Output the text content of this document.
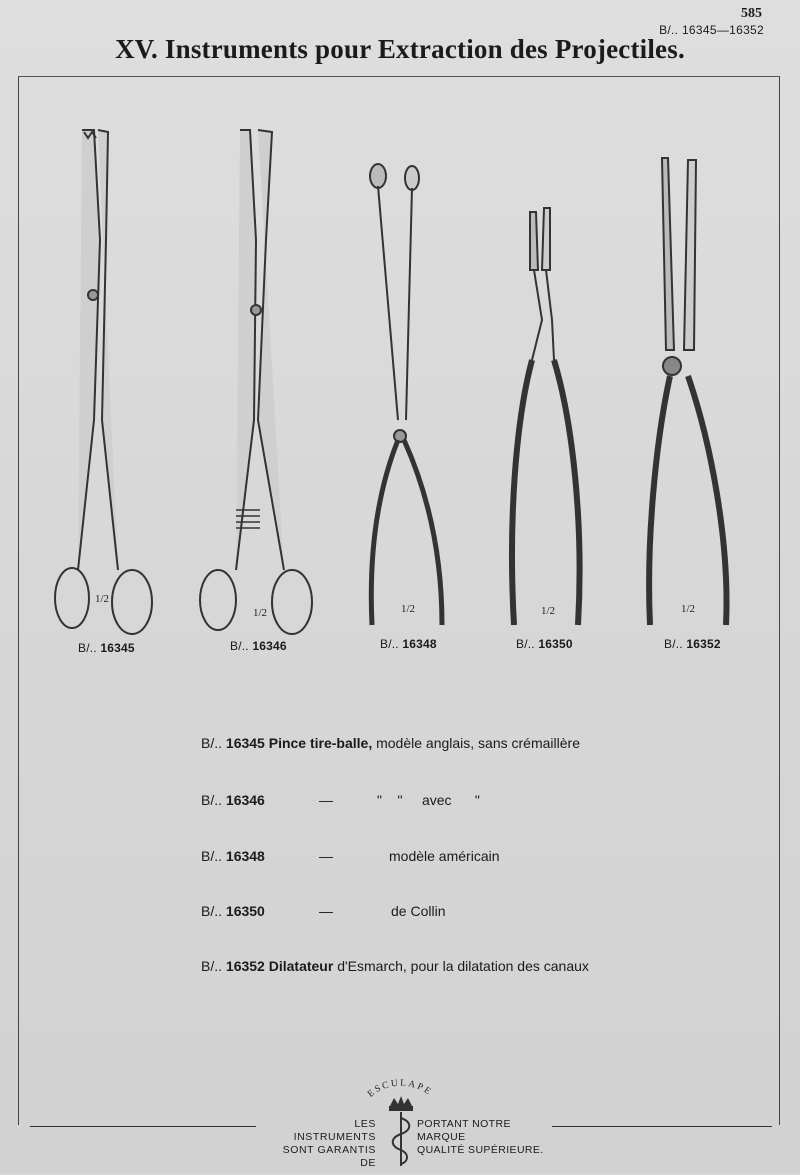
585
B/.. 16345—16352
XV. Instruments pour Extraction des Projectiles.
1/2
1/2	1/2	1/2	1/2
B/.. 16345	B/.. 16346	B/.. 16348	B/.. 16350	B/.. 16352
B/.. 16345 Pince tire-balle, modèle anglais, sans crémaillère
B/.. 16346	—	"    "     avec      "
B/.. 16348	—	modèle américain
B/.. 16350	—	de Collin
B/.. 16352 Dilatateur d'Esmarch, pour la dilatation des canaux
ESCULAPE
LES INSTRUMENTS
SONT GARANTIS DE
PORTANT NOTRE MARQUE
QUALITÉ SUPÉRIEURE.
